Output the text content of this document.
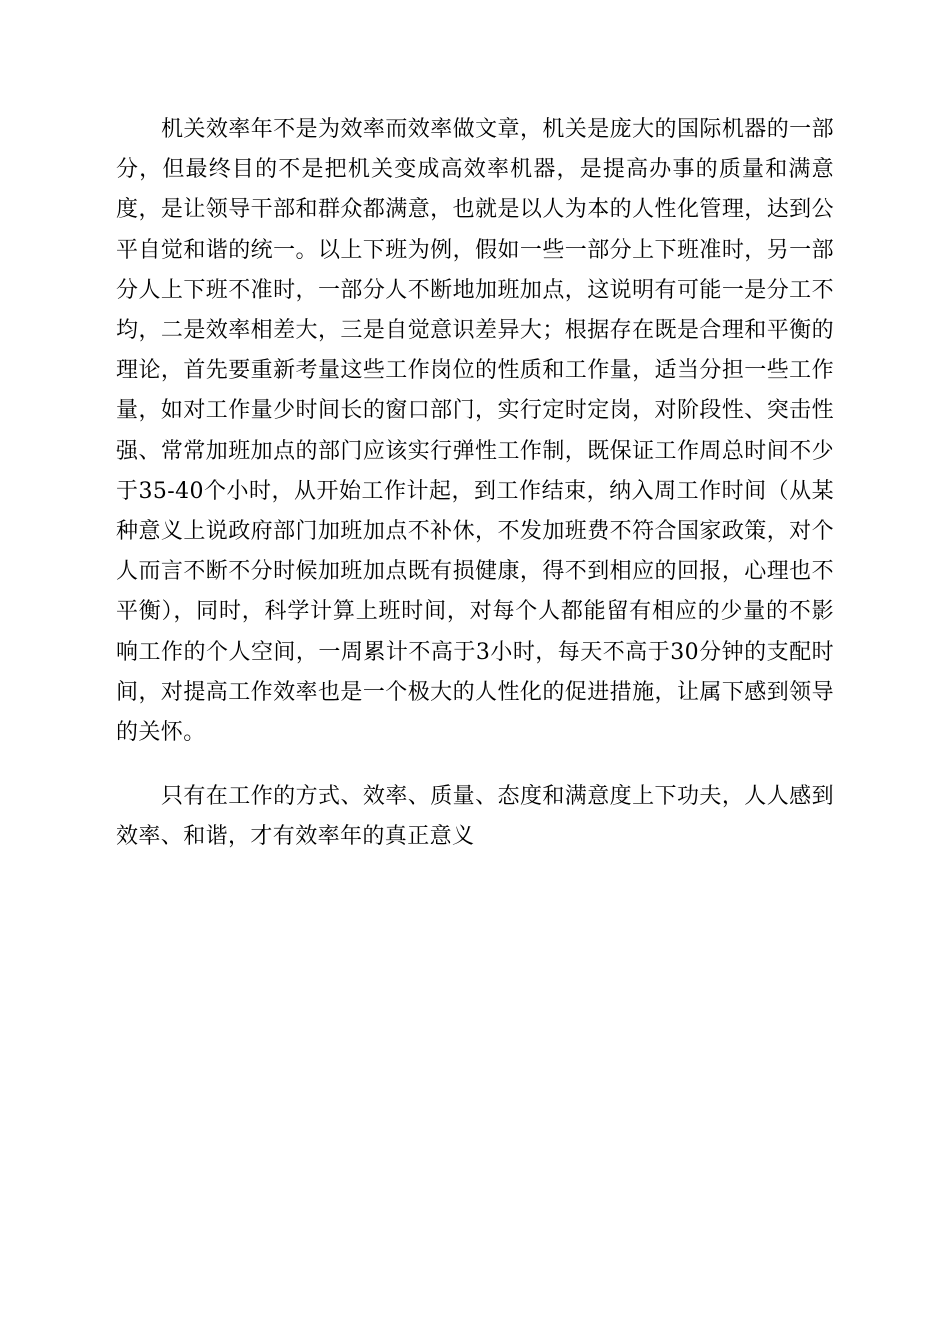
机关效率年不是为效率而效率做文章，机关是庞大的国际机器的一部分，但最终目的不是把机关变成高效率机器，是提高办事的质量和满意度，是让领导干部和群众都满意，也就是以人为本的人性化管理，达到公平自觉和谐的统一。以上下班为例，假如一些一部分上下班准时，另一部分人上下班不准时，一部分人不断地加班加点，这说明有可能一是分工不均，二是效率相差大，三是自觉意识差异大；根据存在既是合理和平衡的理论，首先要重新考量这些工作岗位的性质和工作量，适当分担一些工作量，如对工作量少时间长的窗口部门，实行定时定岗，对阶段性、突击性强、常常加班加点的部门应该实行弹性工作制，既保证工作周总时间不少于35-40个小时，从开始工作计起，到工作结束，纳入周工作时间（从某种意义上说政府部门加班加点不补休，不发加班费不符合国家政策，对个人而言不断不分时候加班加点既有损健康，得不到相应的回报，心理也不平衡），同时，科学计算上班时间，对每个人都能留有相应的少量的不影响工作的个人空间，一周累计不高于3小时，每天不高于30分钟的支配时间，对提高工作效率也是一个极大的人性化的促进措施，让属下感到领导的关怀。

只有在工作的方式、效率、质量、态度和满意度上下功夫，人人感到效率、和谐，才有效率年的真正意义
